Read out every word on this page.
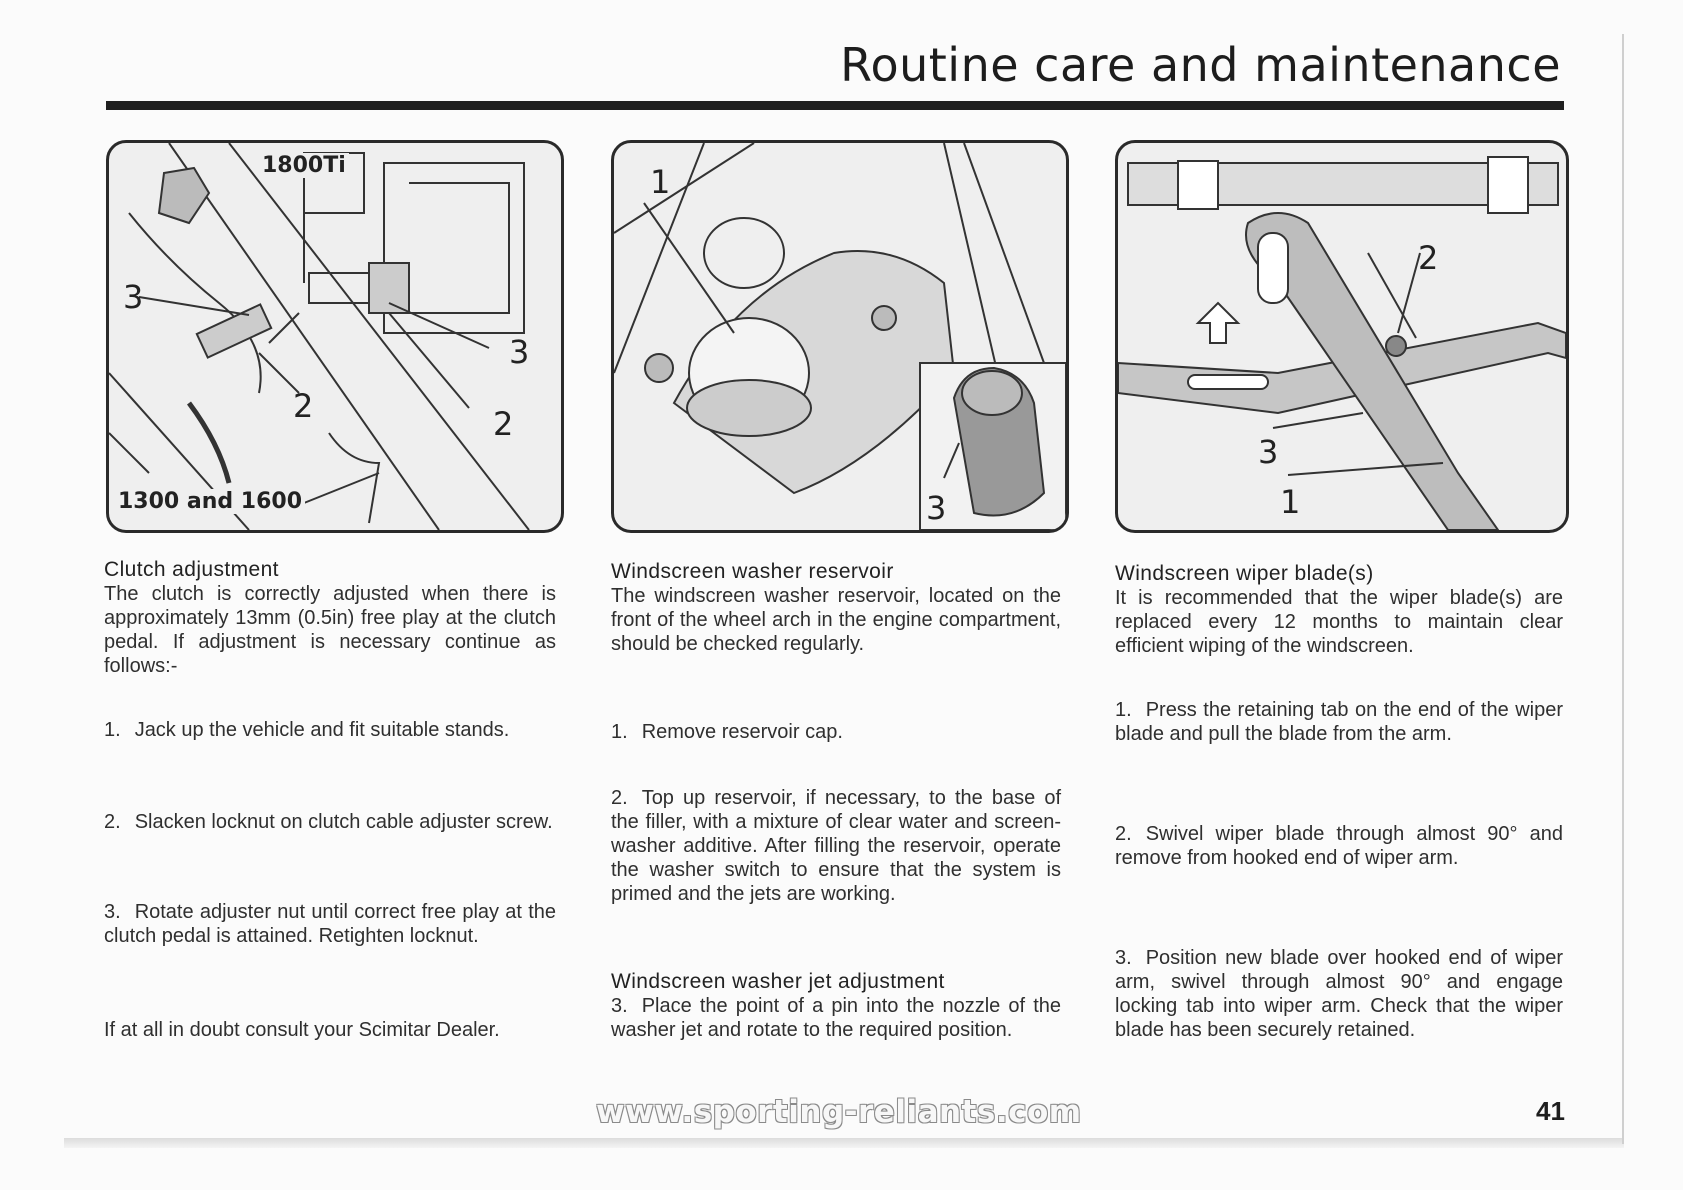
Routine care and maintenance
1800Ti
1300 and 1600
3
3
2	2
1
3
2
3
1
Clutch adjustment

The clutch is correctly adjusted when there is approximately 13mm (0.5in) free play at the clutch pedal. If adjustment is necessary continue as follows:-

1. Jack up the vehicle and fit suitable stands.
2. Slacken locknut on clutch cable adjuster screw.
3. Rotate adjuster nut until correct free play at the clutch pedal is attained. Retighten locknut.

If at all in doubt consult your Scimitar Dealer.

Windscreen washer reservoir

The windscreen washer reservoir, located on the front of the wheel arch in the engine compartment, should be checked regularly.

1. Remove reservoir cap.
2. Top up reservoir, if necessary, to the base of the filler, with a mixture of clear water and screen-washer additive. After filling the reservoir, operate the washer switch to ensure that the system is primed and the jets are working.
Windscreen washer jet adjustment

3. Place the point of a pin into the nozzle of the washer jet and rotate to the required position.

Windscreen wiper blade(s)

It is recommended that the wiper blade(s) are replaced every 12 months to maintain clear efficient wiping of the windscreen.

1. Press the retaining tab on the end of the wiper blade and pull the blade from the arm.
2. Swivel wiper blade through almost 90° and remove from hooked end of wiper arm.
3. Position new blade over hooked end of wiper arm, swivel through almost 90° and engage locking tab into wiper arm. Check that the wiper blade has been securely retained.
www.sporting-reliants.com	41
